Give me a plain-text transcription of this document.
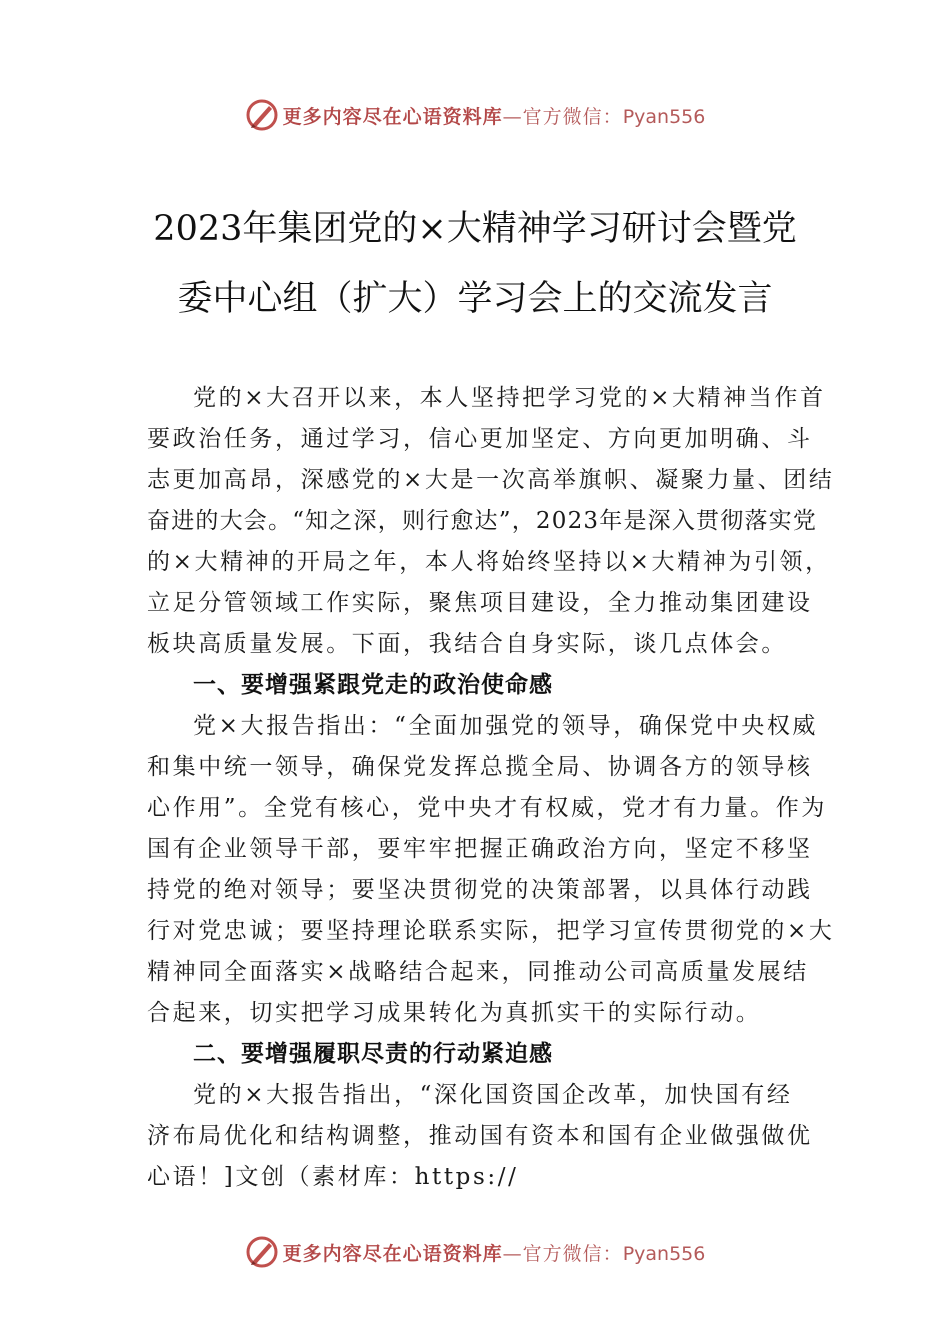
更多内容尽在心语资料库—官方微信：Pyan556
2023年集团党的×大精神学习研讨会暨党
委中心组（扩大）学习会上的交流发言
党的×大召开以来，本人坚持把学习党的×大精神当作首
要政治任务，通过学习，信心更加坚定、方向更加明确、斗
志更加高昂，深感党的×大是一次高举旗帜、凝聚力量、团结
奋进的大会。“知之深，则行愈达”，2023年是深入贯彻落实党
的×大精神的开局之年，本人将始终坚持以×大精神为引领，
立足分管领域工作实际，聚焦项目建设，全力推动集团建设
板块高质量发展。下面，我结合自身实际，谈几点体会。
一、要增强紧跟党走的政治使命感
党×大报告指出：“全面加强党的领导，确保党中央权威
和集中统一领导，确保党发挥总揽全局、协调各方的领导核
心作用”。全党有核心，党中央才有权威，党才有力量。作为
国有企业领导干部，要牢牢把握正确政治方向，坚定不移坚
持党的绝对领导；要坚决贯彻党的决策部署，以具体行动践
行对党忠诚；要坚持理论联系实际，把学习宣传贯彻党的×大
精神同全面落实×战略结合起来，同推动公司高质量发展结
合起来，切实把学习成果转化为真抓实干的实际行动。
二、要增强履职尽责的行动紧迫感
党的×大报告指出，“深化国资国企改革，加快国有经
济布局优化和结构调整，推动国有资本和国有企业做强做优
心语！]文创（素材库：https://
更多内容尽在心语资料库—官方微信：Pyan556
